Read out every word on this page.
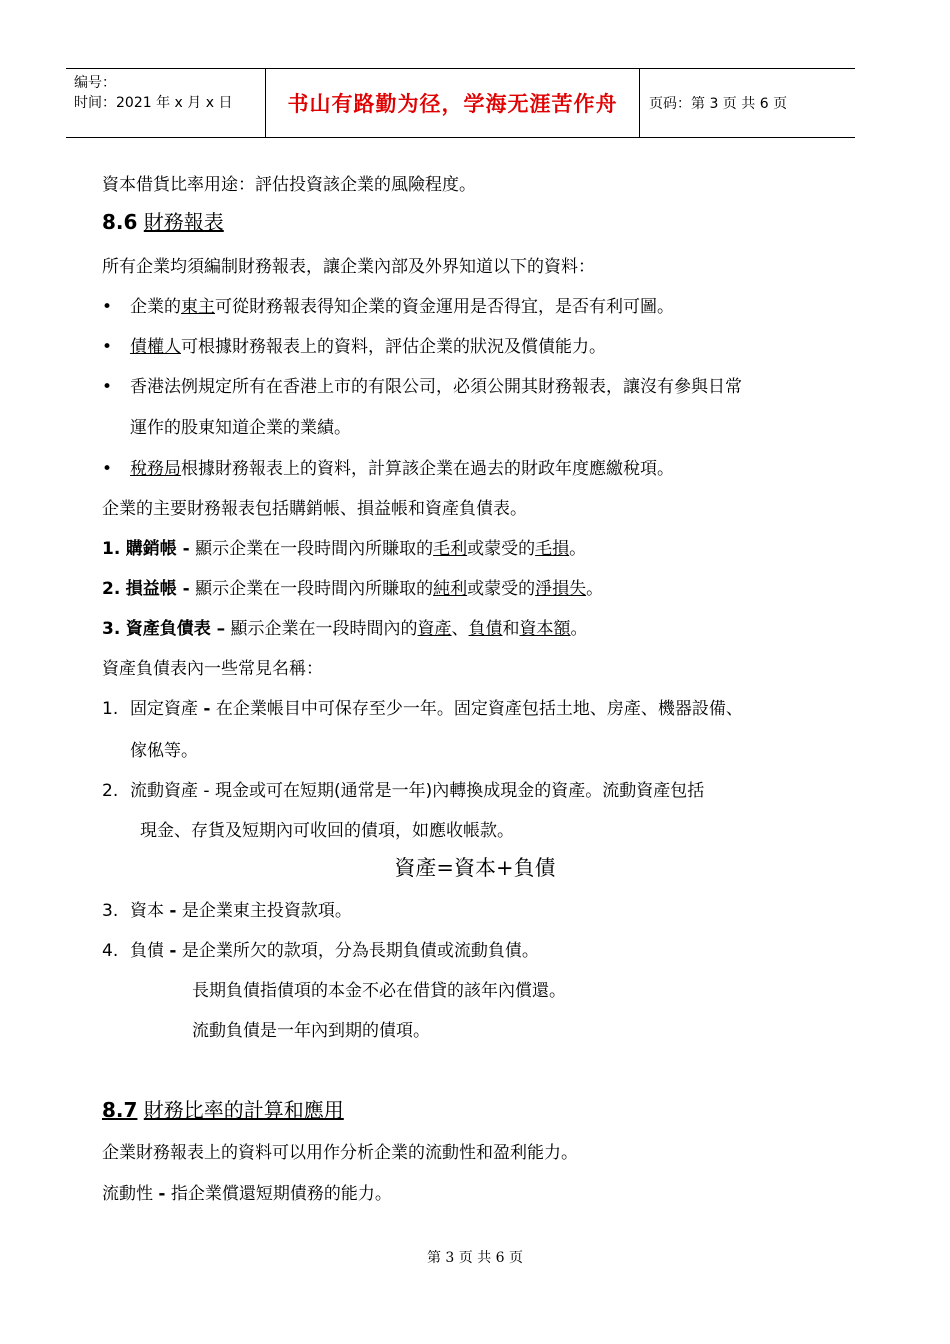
编号：
时间：2021 年 x 月 x 日	书山有路勤为径，学海无涯苦作舟	页码：第 3 页 共 6 页
資本借貨比率用途：評估投資該企業的風險程度。
8.6 財務報表
所有企業均須編制財務報表，讓企業內部及外界知道以下的資料：
• 企業的東主可從財務報表得知企業的資金運用是否得宜，是否有利可圖。
• 債權人可根據財務報表上的資料，評估企業的狀況及償債能力。
• 香港法例規定所有在香港上市的有限公司，必須公開其財務報表，讓沒有參與日常
運作的股東知道企業的業績。
• 稅務局根據財務報表上的資料，計算該企業在過去的財政年度應繳稅項。
企業的主要財務報表包括購銷帳、損益帳和資產負債表。
1. 購銷帳 - 顯示企業在一段時間內所賺取的毛利或蒙受的毛損。
2. 損益帳 - 顯示企業在一段時間內所賺取的純利或蒙受的淨損失。
3. 資產負債表 – 顯示企業在一段時間內的資產、負債和資本額。
資產負債表內一些常見名稱：
1. 固定資產 - 在企業帳目中可保存至少一年。固定資產包括土地、房產、機器設備、
傢俬等。
2. 流動資產 - 現金或可在短期(通常是一年)內轉換成現金的資產。流動資產包括
現金、存貨及短期內可收回的債項，如應收帳款。
資產=資本+負債
3. 資本 - 是企業東主投資款項。
4. 負債 - 是企業所欠的款項，分為長期負債或流動負債。
長期負債指債項的本金不必在借貸的該年內償還。
流動負債是一年內到期的債項。
8.7 財務比率的計算和應用
企業財務報表上的資料可以用作分析企業的流動性和盈利能力。
流動性 - 指企業償還短期債務的能力。
第 3 页 共 6 页
